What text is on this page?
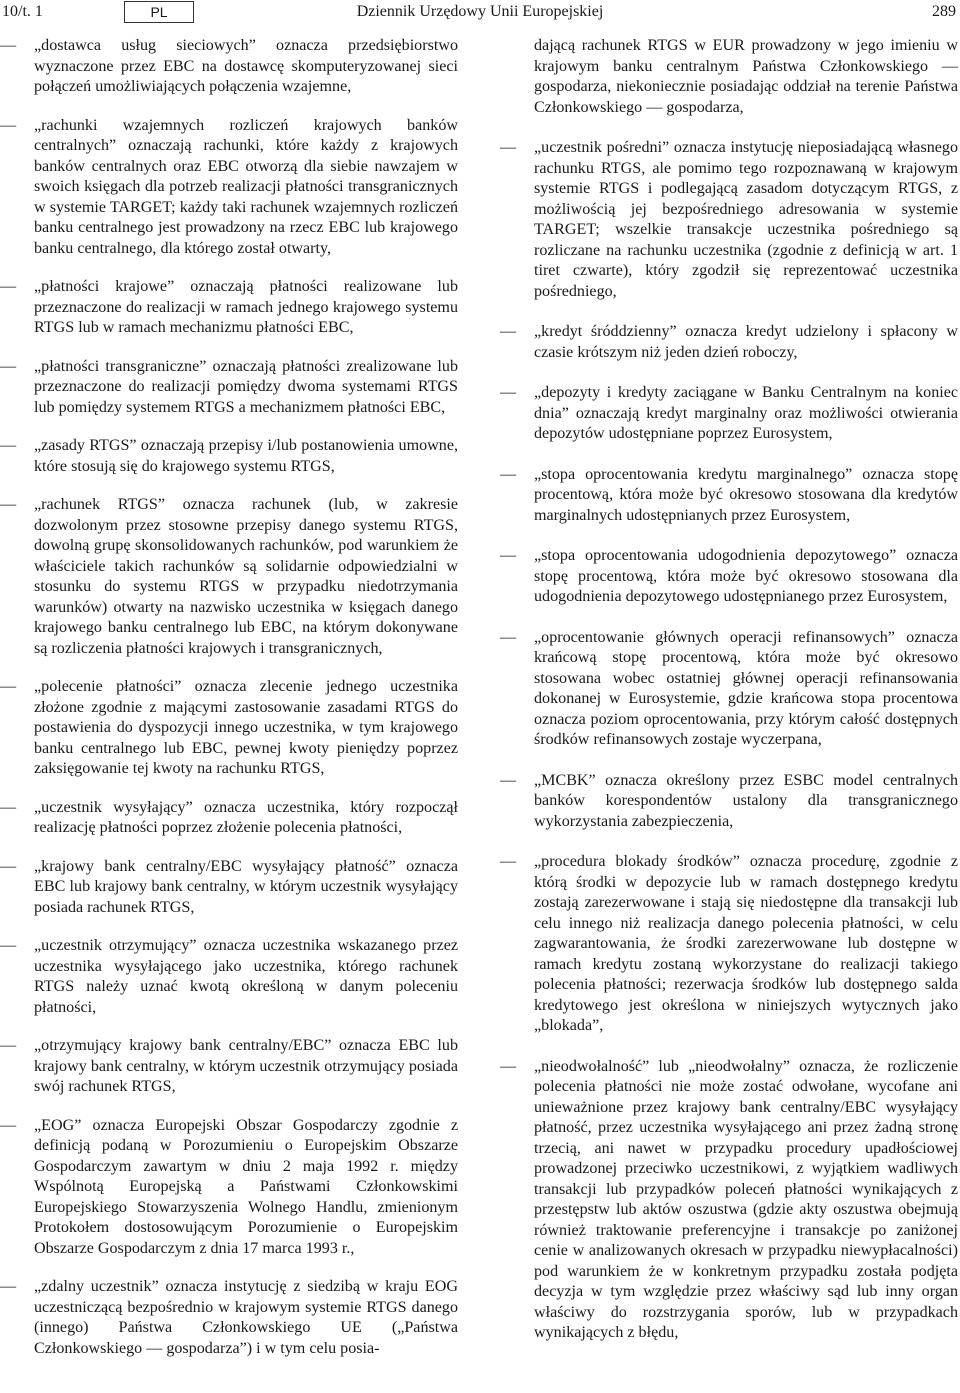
10/t. 1	PL	Dziennik Urzędowy Unii Europejskiej	289
— „dostawca usług sieciowych” oznacza przedsiębiorstwo wyznaczone przez EBC na dostawcę skomputeryzowanej sieci połączeń umożliwiających połączenia wzajemne,
— „rachunki wzajemnych rozliczeń krajowych banków centralnych” oznaczają rachunki, które każdy z krajowych banków centralnych oraz EBC otworzą dla siebie nawzajem w swoich księgach dla potrzeb realizacji płatności transgranicznych w systemie TARGET; każdy taki rachunek wzajemnych rozliczeń banku centralnego jest prowadzony na rzecz EBC lub krajowego banku centralnego, dla którego został otwarty,
— „płatności krajowe” oznaczają płatności realizowane lub przeznaczone do realizacji w ramach jednego krajowego systemu RTGS lub w ramach mechanizmu płatności EBC,
— „płatności transgraniczne” oznaczają płatności zrealizowane lub przeznaczone do realizacji pomiędzy dwoma systemami RTGS lub pomiędzy systemem RTGS a mechanizmem płatności EBC,
— „zasady RTGS” oznaczają przepisy i/lub postanowienia umowne, które stosują się do krajowego systemu RTGS,
— „rachunek RTGS” oznacza rachunek (lub, w zakresie dozwolonym przez stosowne przepisy danego systemu RTGS, dowolną grupę skonsolidowanych rachunków, pod warunkiem że właściciele takich rachunków są solidarnie odpowiedzialni w stosunku do systemu RTGS w przypadku niedotrzymania warunków) otwarty na nazwisko uczestnika w księgach danego krajowego banku centralnego lub EBC, na którym dokonywane są rozliczenia płatności krajowych i transgranicznych,
— „polecenie płatności” oznacza zlecenie jednego uczestnika złożone zgodnie z mającymi zastosowanie zasadami RTGS do postawienia do dyspozycji innego uczestnika, w tym krajowego banku centralnego lub EBC, pewnej kwoty pieniędzy poprzez zaksięgowanie tej kwoty na rachunku RTGS,
— „uczestnik wysyłający” oznacza uczestnika, który rozpoczął realizację płatności poprzez złożenie polecenia płatności,
— „krajowy bank centralny/EBC wysyłający płatność” oznacza EBC lub krajowy bank centralny, w którym uczestnik wysyłający posiada rachunek RTGS,
— „uczestnik otrzymujący” oznacza uczestnika wskazanego przez uczestnika wysyłającego jako uczestnika, którego rachunek RTGS należy uznać kwotą określoną w danym poleceniu płatności,
— „otrzymujący krajowy bank centralny/EBC” oznacza EBC lub krajowy bank centralny, w którym uczestnik otrzymujący posiada swój rachunek RTGS,
— „EOG” oznacza Europejski Obszar Gospodarczy zgodnie z definicją podaną w Porozumieniu o Europejskim Obszarze Gospodarczym zawartym w dniu 2 maja 1992 r. między Wspólnotą Europejską a Państwami Członkowskimi Europejskiego Stowarzyszenia Wolnego Handlu, zmienionym Protokołem dostosowującym Porozumienie o Europejskim Obszarze Gospodarczym z dnia 17 marca 1993 r.,
— „zdalny uczestnik” oznacza instytucję z siedzibą w kraju EOG uczestniczącą bezpośrednio w krajowym systemie RTGS danego (innego) Państwa Członkowskiego UE („Państwa Członkowskiego — gospodarza”) i w tym celu posia-
dającą rachunek RTGS w EUR prowadzony w jego imieniu w krajowym banku centralnym Państwa Członkowskiego — gospodarza, niekoniecznie posiadając oddział na terenie Państwa Członkowskiego — gospodarza,
— „uczestnik pośredni” oznacza instytucję nieposiadającą własnego rachunku RTGS, ale pomimo tego rozpoznawaną w krajowym systemie RTGS i podlegającą zasadom dotyczącym RTGS, z możliwością jej bezpośredniego adresowania w systemie TARGET; wszelkie transakcje uczestnika pośredniego są rozliczane na rachunku uczestnika (zgodnie z definicją w art. 1 tiret czwarte), który zgodził się reprezentować uczestnika pośredniego,
— „kredyt śróddzienny” oznacza kredyt udzielony i spłacony w czasie krótszym niż jeden dzień roboczy,
— „depozyty i kredyty zaciągane w Banku Centralnym na koniec dnia” oznaczają kredyt marginalny oraz możliwości otwierania depozytów udostępniane poprzez Eurosystem,
— „stopa oprocentowania kredytu marginalnego” oznacza stopę procentową, która może być okresowo stosowana dla kredytów marginalnych udostępnianych przez Eurosystem,
— „stopa oprocentowania udogodnienia depozytowego” oznacza stopę procentową, która może być okresowo stosowana dla udogodnienia depozytowego udostępnianego przez Eurosystem,
— „oprocentowanie głównych operacji refinansowych” oznacza krańcową stopę procentową, która może być okresowo stosowana wobec ostatniej głównej operacji refinansowania dokonanej w Eurosystemie, gdzie krańcowa stopa procentowa oznacza poziom oprocentowania, przy którym całość dostępnych środków refinansowych zostaje wyczerpana,
— „MCBK” oznacza określony przez ESBC model centralnych banków korespondentów ustalony dla transgranicznego wykorzystania zabezpieczenia,
— „procedura blokady środków” oznacza procedurę, zgodnie z którą środki w depozycie lub w ramach dostępnego kredytu zostają zarezerwowane i stają się niedostępne dla transakcji lub celu innego niż realizacja danego polecenia płatności, w celu zagwarantowania, że środki zarezerwowane lub dostępne w ramach kredytu zostaną wykorzystane do realizacji takiego polecenia płatności; rezerwacja środków lub dostępnego salda kredytowego jest określona w niniejszych wytycznych jako „blokada”,
— „nieodwołalność” lub „nieodwołalny” oznacza, że rozliczenie polecenia płatności nie może zostać odwołane, wycofane ani unieważnione przez krajowy bank centralny/EBC wysyłający płatność, przez uczestnika wysyłającego ani przez żadną stronę trzecią, ani nawet w przypadku procedury upadłościowej prowadzonej przeciwko uczestnikowi, z wyjątkiem wadliwych transakcji lub przypadków poleceń płatności wynikających z przestępstw lub aktów oszustwa (gdzie akty oszustwa obejmują również traktowanie preferencyjne i transakcje po zaniżonej cenie w analizowanych okresach w przypadku niewypłacalności) pod warunkiem że w konkretnym przypadku została podjęta decyzja w tym względzie przez właściwy sąd lub inny organ właściwy do rozstrzygania sporów, lub w przypadkach wynikających z błędu,
